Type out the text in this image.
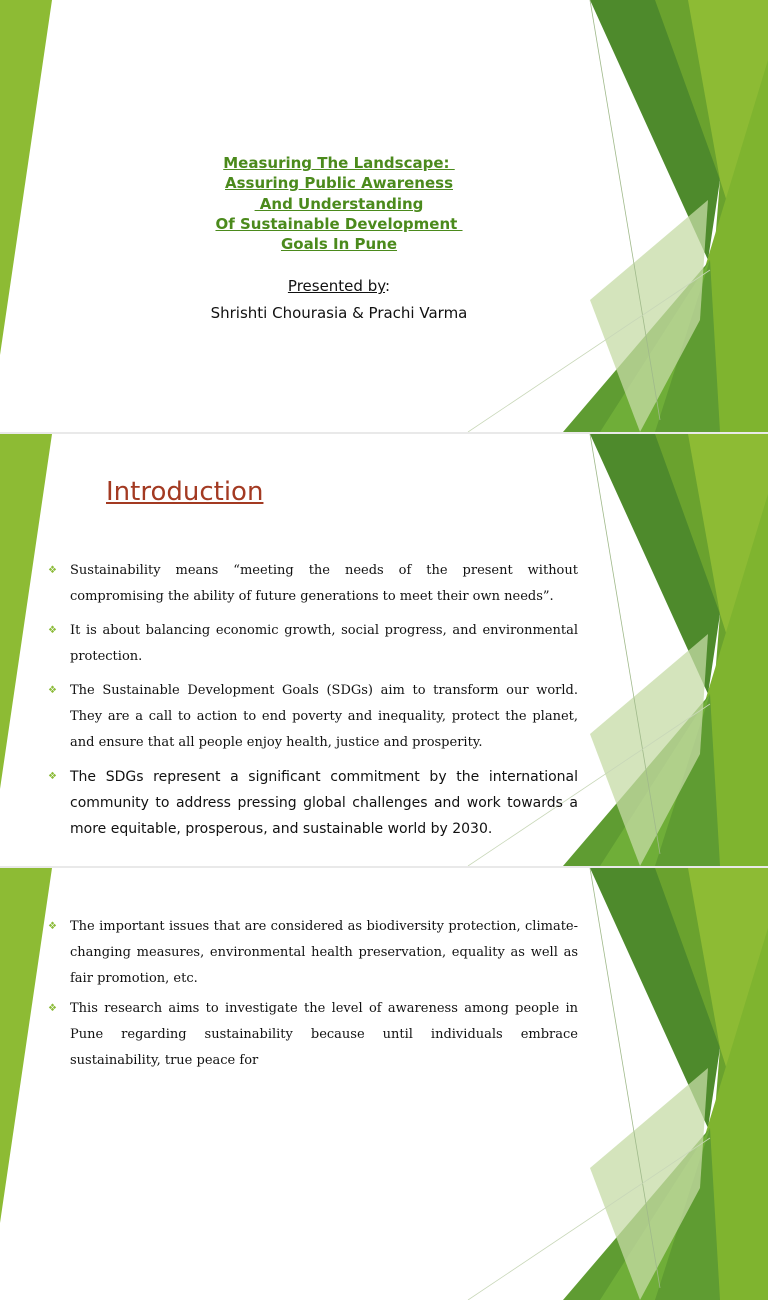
Measuring The Landscape:
Assuring Public Awareness
And Understanding
Of Sustainable Development
Goals In Pune
Presented by:
Shrishti Chourasia & Prachi Varma
Introduction
❖ Sustainability means “meeting the needs of the present without compromising the ability of future generations to meet their own needs”.
❖ It is about balancing economic growth, social progress, and environmental protection.
❖ The Sustainable Development Goals (SDGs) aim to transform our world. They are a call to action to end poverty and inequality, protect the planet, and ensure that all people enjoy health, justice and prosperity.
❖ The SDGs represent a significant commitment by the international community to address pressing global challenges and work towards a more equitable, prosperous, and sustainable world by 2030.
❖ The important issues that are considered as biodiversity protection, climate-changing measures, environmental health preservation, equality as well as fair promotion, etc.
❖ This research aims to investigate the level of awareness among people in Pune regarding sustainability because until individuals embrace sustainability, true peace for
